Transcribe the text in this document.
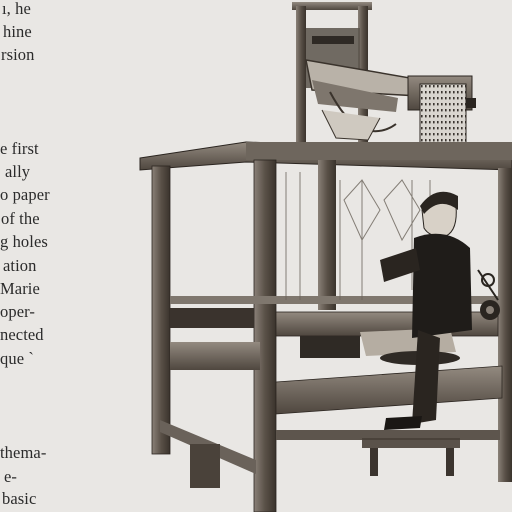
ı, he
hine
rsion
e first
ally
o paper
of the
g holes
ation
Marie
oper-
nected
que `
thema-
e-
basic
